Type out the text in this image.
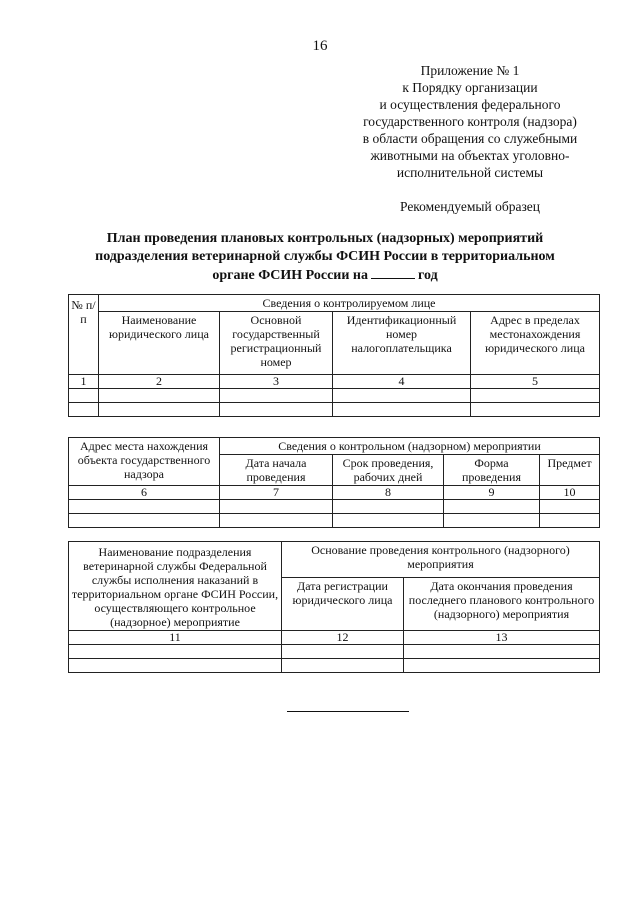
16
Приложение № 1
к Порядку организации
и осуществления федерального
государственного контроля (надзора)
в области обращения со служебными
животными на объектах уголовно-
исполнительной системы
Рекомендуемый образец
План проведения плановых контрольных (надзорных) мероприятий
подразделения ветеринарной службы ФСИН России в территориальном
органе ФСИН России на	год
№ п/п	Сведения о контролируемом лице			
	Наименование юридического лица	Основной государственный регистрационный номер	Идентификационный номер налогоплательщика	Адрес в пределах местонахождения юридического лица
1	2	3	4	5

Адрес места нахождения объекта государственного надзора	Сведения о контрольном (надзорном) мероприятии			
	Дата начала проведения	Срок проведения, рабочих дней	Форма проведения	Предмет
6	7	8	9	10

Наименование подразделения ветеринарной службы Федеральной службы исполнения наказаний в территориальном органе ФСИН России, осуществляющего контрольное (надзорное) мероприятие	Основание проведения контрольного (надзорного) мероприятия	
	Дата регистрации юридического лица	Дата окончания проведения последнего планового контрольного (надзорного) мероприятия
11	12	13
